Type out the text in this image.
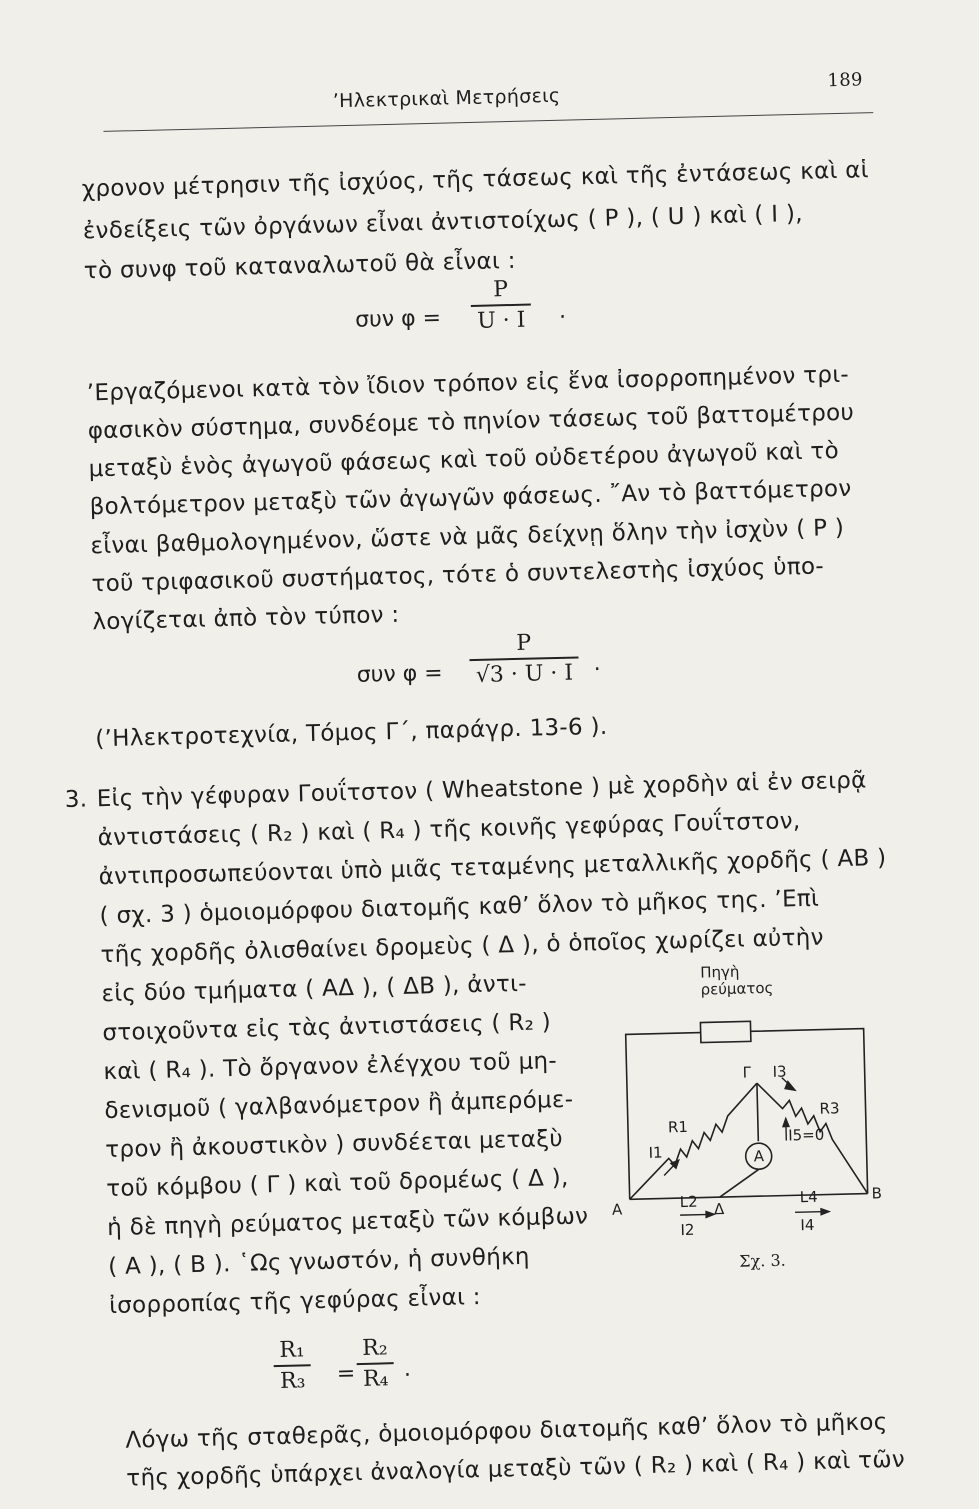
’Ηλεκτρικαὶ Μετρήσεις
189
χρονον μέτρησιν τῆς ἰσχύος, τῆς τάσεως καὶ τῆς ἐντάσεως καὶ αἱ
ἐνδείξεις τῶν ὀργάνων εἶναι ἀντιστοίχως ( P ), ( U ) καὶ ( I ),
τὸ συνφ τοῦ καταναλωτοῦ θὰ εἶναι :
συν φ =
P
U · I .
’Εργαζόμενοι κατὰ τὸν ἴδιον τρόπον εἰς ἕνα ἰσορροπημένον τρι-
φασικὸν σύστημα, συνδέομε τὸ πηνίον τάσεως τοῦ βαττομέτρου
μεταξὺ ἑνὸς ἀγωγοῦ φάσεως καὶ τοῦ οὐδετέρου ἀγωγοῦ καὶ τὸ
βολτόμετρον μεταξὺ τῶν ἀγωγῶν φάσεως. ῎Αν τὸ βαττόμετρον
εἶναι βαθμολογημένον, ὥστε νὰ μᾶς δείχνῃ ὅλην τὴν ἰσχὺν ( P )
τοῦ τριφασικοῦ συστήματος, τότε ὁ συντελεστὴς ἰσχύος ὑπο-
λογίζεται ἀπὸ τὸν τύπον :
συν φ =
P
√3 · U · I .
(’Ηλεκτροτεχνία, Τόμος Γ΄, παράγρ. 13-6 ).
3. Εἰς τὴν γέφυραν Γουΐτστον ( Wheatstone ) μὲ χορδὴν αἱ ἐν σειρᾷ
ἀντιστάσεις ( R₂ ) καὶ ( R₄ ) τῆς κοινῆς γεφύρας Γουΐτστον,
ἀντιπροσωπεύονται ὑπὸ μιᾶς τεταμένης μεταλλικῆς χορδῆς ( AB )
( σχ. 3 ) ὁμοιομόρφου διατομῆς καθ’ ὅλον τὸ μῆκος της. ’Επὶ
τῆς χορδῆς ὀλισθαίνει δρομεὺς ( Δ ), ὁ ὁποῖος χωρίζει αὐτὴν
εἰς δύο τμήματα ( ΑΔ ), ( ΔΒ ), ἀντι-
στοιχοῦντα εἰς τὰς ἀντιστάσεις ( R₂ )
καὶ ( R₄ ). Τὸ ὄργανον ἐλέγχου τοῦ μη-
δενισμοῦ ( γαλβανόμετρον ἢ ἀμπερόμε-
τρον ἢ ἀκουστικὸν ) συνδέεται μεταξὺ
τοῦ κόμβου ( Γ ) καὶ τοῦ δρομέως ( Δ ),
ἡ δὲ πηγὴ ρεύματος μεταξὺ τῶν κόμβων
( Α ), ( Β ). ῾Ως γνωστόν, ἡ συνθήκη
ἰσορροπίας τῆς γεφύρας εἶναι :
R₁
R₃ =
R₂
R₄ .
Λόγω τῆς σταθερᾶς, ὁμοιομόρφου διατομῆς καθ’ ὅλον τὸ μῆκος
τῆς χορδῆς ὑπάρχει ἀναλογία μεταξὺ τῶν ( R₂ ) καὶ ( R₄ ) καὶ τῶν
Πηγὴ ρεύματος
A
B
Γ
Δ
R1
R3
I1
I3
A
I5=0
L2	L4
I2	I4
Σχ. 3.
